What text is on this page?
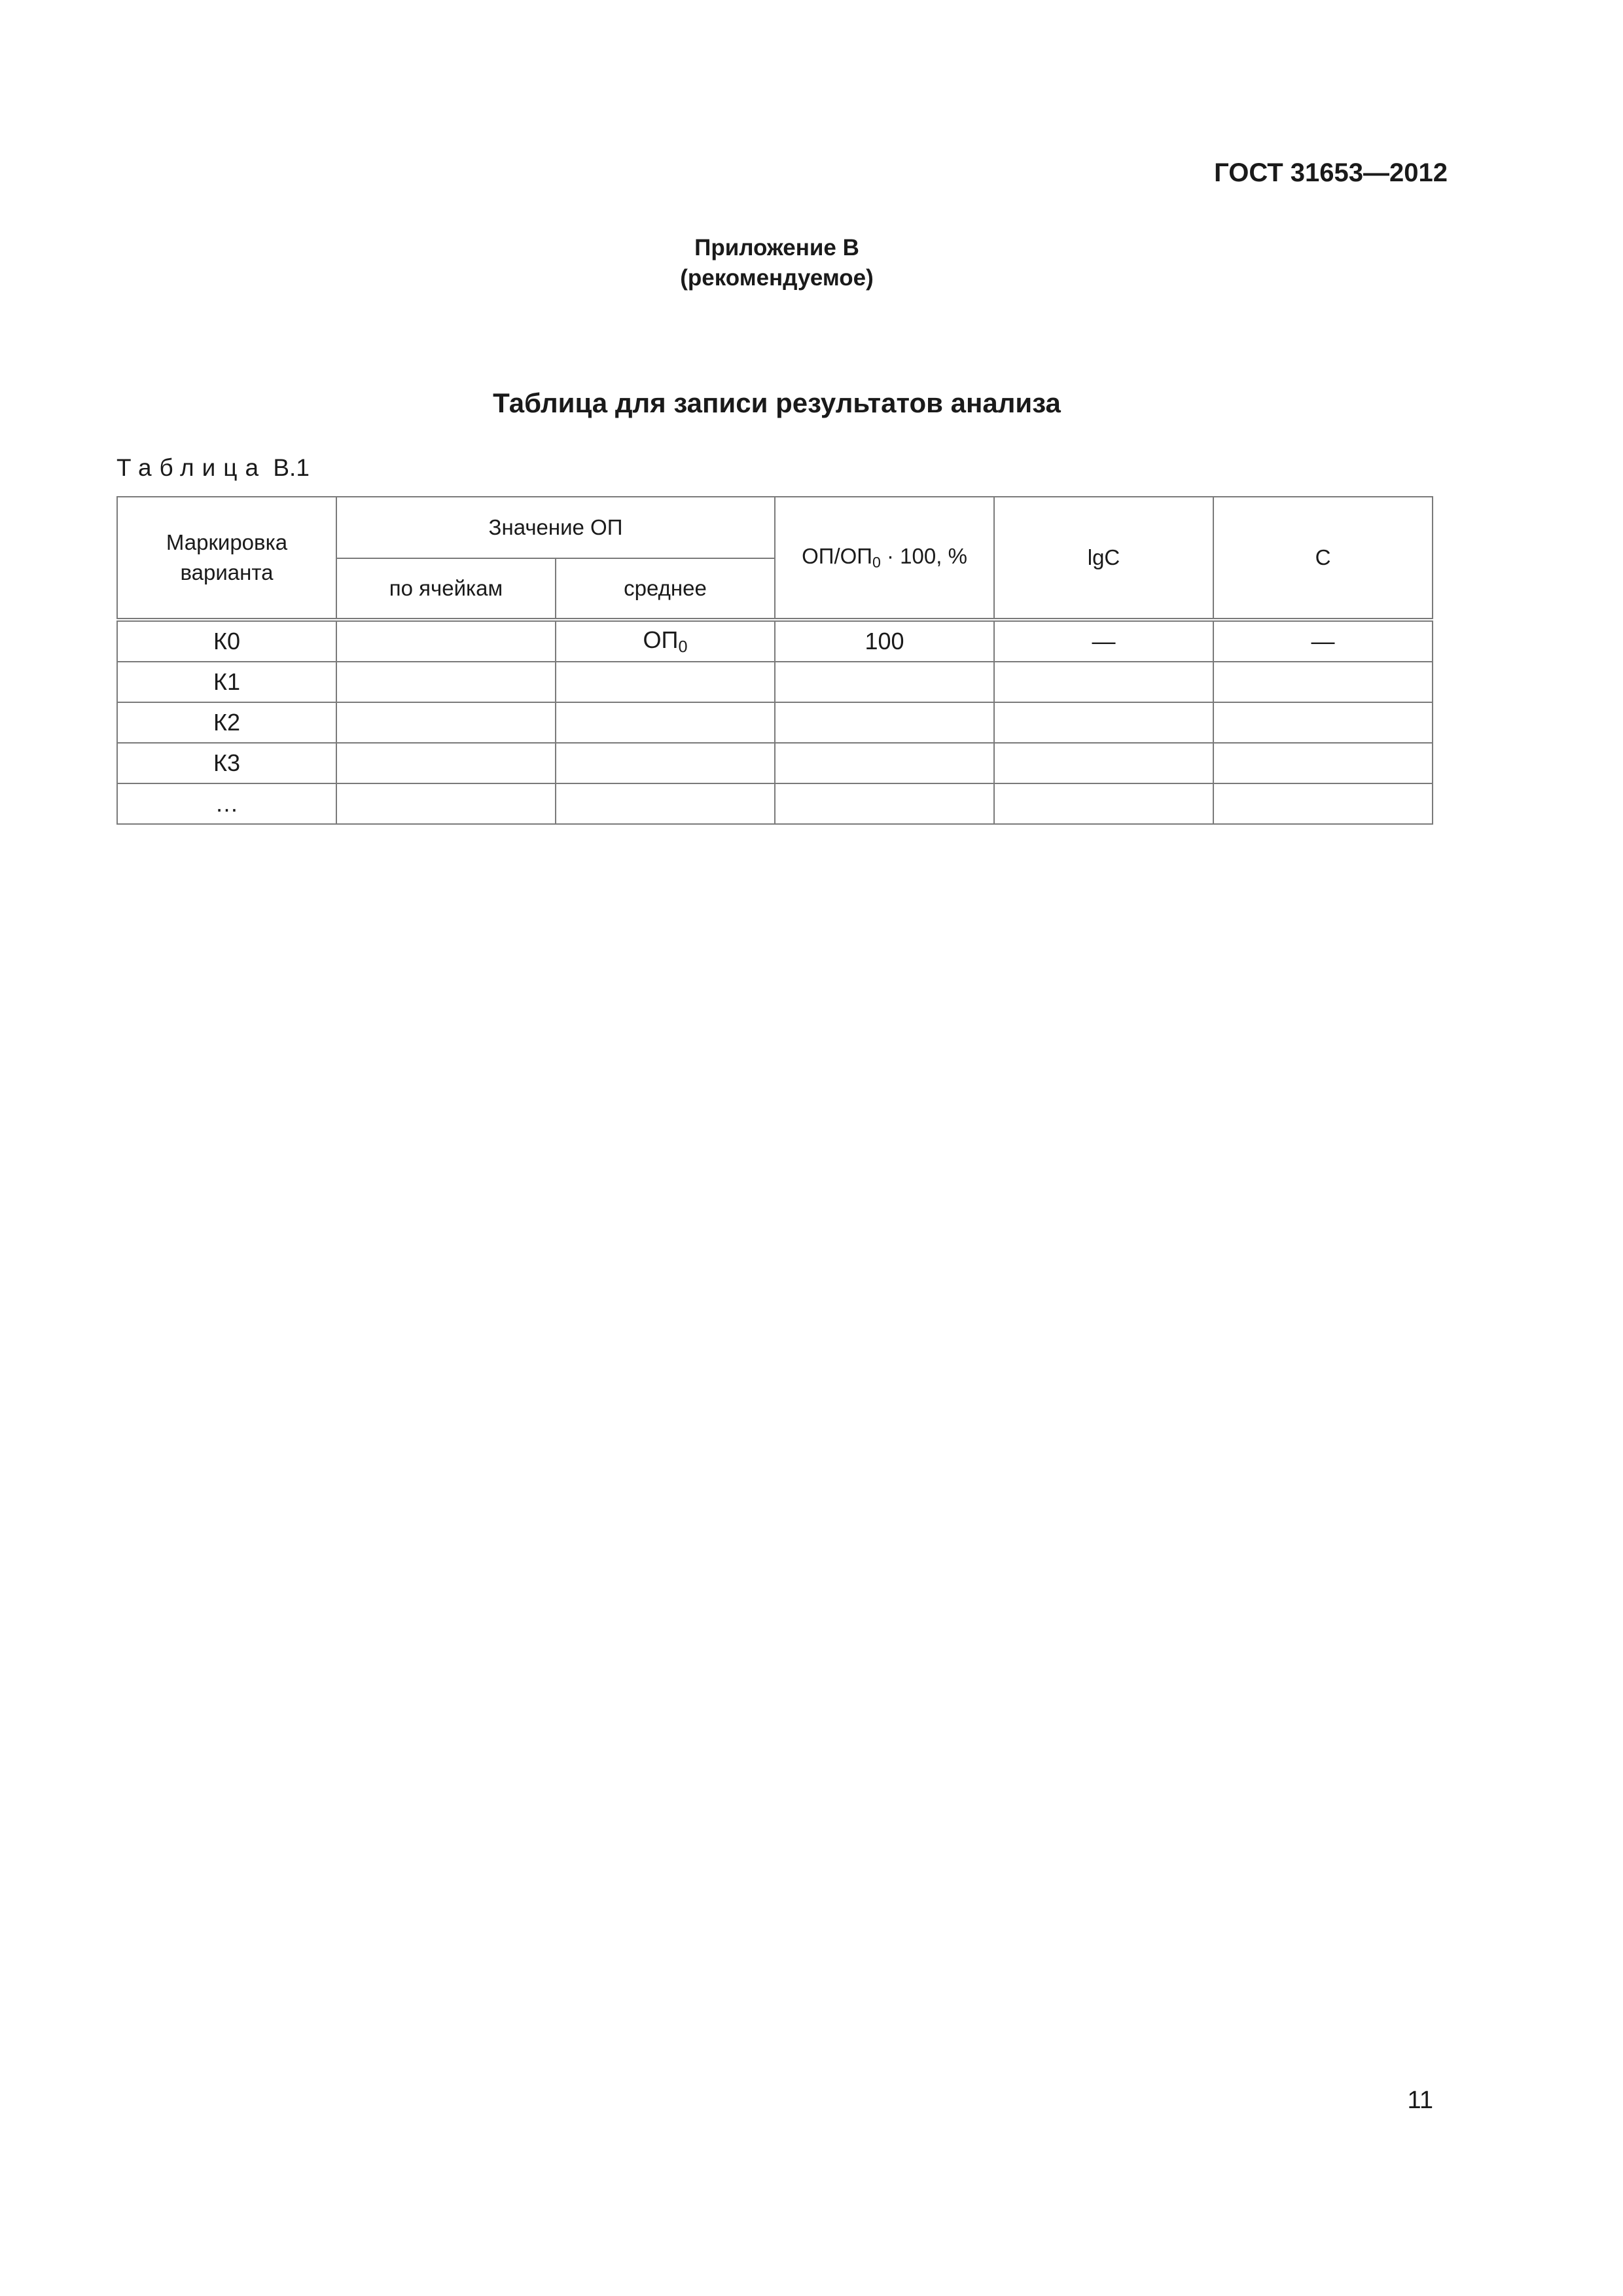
ГОСТ 31653—2012
Приложение В
(рекомендуемое)
Таблица для записи результатов анализа
Таблица В.1
Маркировка варианта	Значение ОП		$ОП/ОП_0 \cdot 100$, %	lgC	С
	по ячейкам	среднее			
К0		$ОП_0$	100	—	—
К1					
К2					
К3					
…					
11
